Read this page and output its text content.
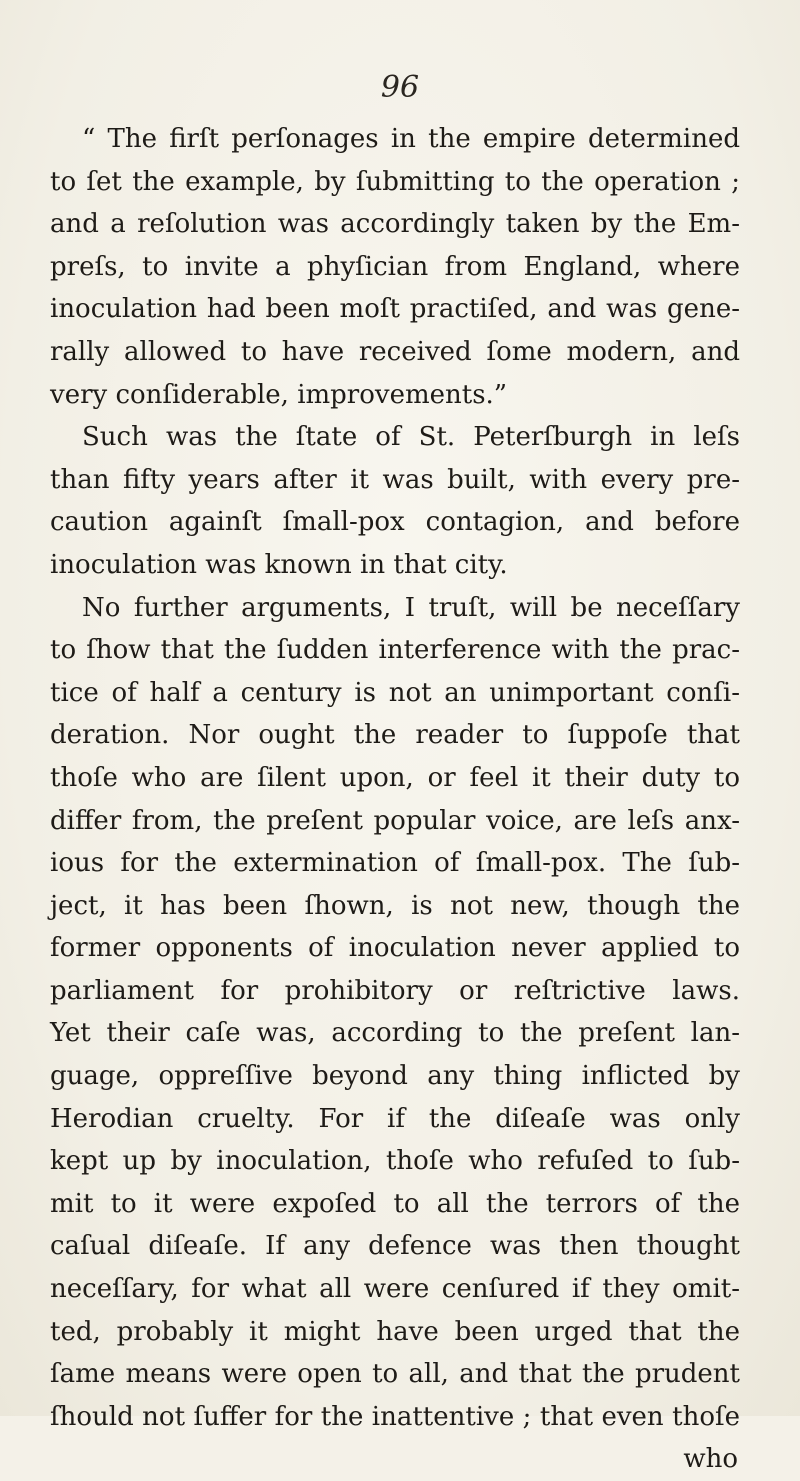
96
“ The firſt perſonages in the empire determined
to ſet the example, by ſubmitting to the operation ;
and a reſolution was accordingly taken by the Em-
preſs, to invite a phyſician from England, where
inoculation had been moſt practiſed, and was gene-
rally allowed to have received ſome modern, and
very conſiderable, improvements.”
Such was the ſtate of St. Peterſburgh in leſs
than fifty years after it was built, with every pre-
caution againſt ſmall-pox contagion, and before
inoculation was known in that city.
No further arguments, I truſt, will be neceſſary
to ſhow that the ſudden interference with the prac-
tice of half a century is not an unimportant conſi-
deration. Nor ought the reader to ſuppoſe that
thoſe who are ſilent upon, or feel it their duty to
differ from, the preſent popular voice, are leſs anx-
ious for the extermination of ſmall-pox. The ſub-
ject, it has been ſhown, is not new, though the
former opponents of inoculation never applied to
parliament for prohibitory or reſtrictive laws.
Yet their caſe was, according to the preſent lan-
guage, oppreſſive beyond any thing inflicted by
Herodian cruelty. For if the diſeaſe was only
kept up by inoculation, thoſe who refuſed to ſub-
mit to it were expoſed to all the terrors of the
caſual diſeaſe. If any defence was then thought
neceſſary, for what all were cenſured if they omit-
ted, probably it might have been urged that the
ſame means were open to all, and that the prudent
ſhould not ſuffer for the inattentive ; that even thoſe
who
